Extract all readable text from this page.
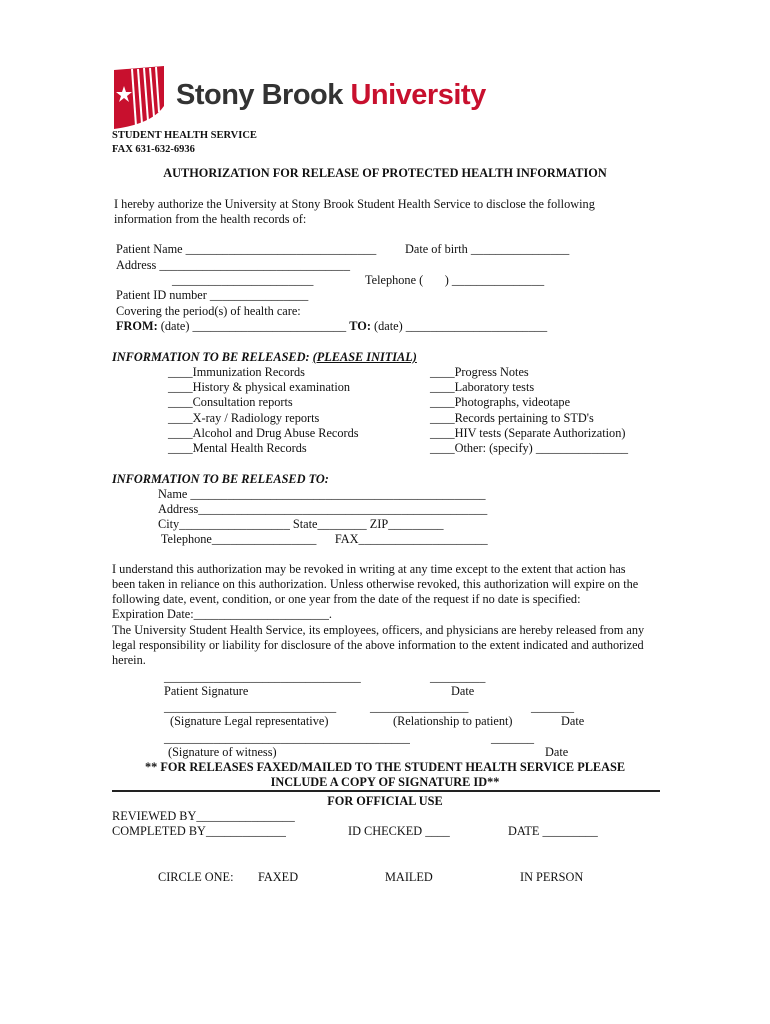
Stony Brook University
STUDENT HEALTH SERVICE
FAX 631-632-6936
AUTHORIZATION FOR RELEASE OF PROTECTED HEALTH INFORMATION
I hereby authorize the University at Stony Brook Student Health Service to disclose the following
information from the health records of:
Patient Name _______________________________ Date of birth ________________
Address _______________________________
_______________________	Telephone (       ) _______________
Patient ID number ________________
Covering the period(s) of health care:
FROM: (date) _________________________ TO: (date) _______________________
INFORMATION TO BE RELEASED: (PLEASE INITIAL)
____Immunization Records
____History & physical examination
____Consultation reports
____X-ray / Radiology reports
____Alcohol and Drug Abuse Records
____Mental Health Records
____Progress Notes
____Laboratory tests
____Photographs, videotape
____Records pertaining to STD's
____HIV tests (Separate Authorization)
____Other: (specify) _______________
INFORMATION TO BE RELEASED TO:
Name ________________________________________________
Address_______________________________________________
City__________________ State________ ZIP_________
Telephone_________________      FAX_____________________
I understand this authorization may be revoked in writing at any time except to the extent that action has
been taken in reliance on this authorization. Unless otherwise revoked, this authorization will expire on the
following date, event, condition, or one year from the date of the request if no date is specified:
Expiration Date:______________________.
The University Student Health Service, its employees, officers, and physicians are hereby released from any
legal responsibility or liability for disclosure of the above information to the extent indicated and authorized
herein.
________________________________	_________
Patient Signature	Date
____________________________	________________	_______
(Signature Legal representative)	(Relationship to patient)	Date
________________________________________	_______
(Signature of witness)	Date
** FOR RELEASES FAXED/MAILED TO THE STUDENT HEALTH SERVICE PLEASE
INCLUDE A COPY OF SIGNATURE ID**
FOR OFFICIAL USE
REVIEWED BY________________
COMPLETED BY_____________	ID CHECKED ____	DATE _________
CIRCLE ONE: FAXED	MAILED	IN PERSON
